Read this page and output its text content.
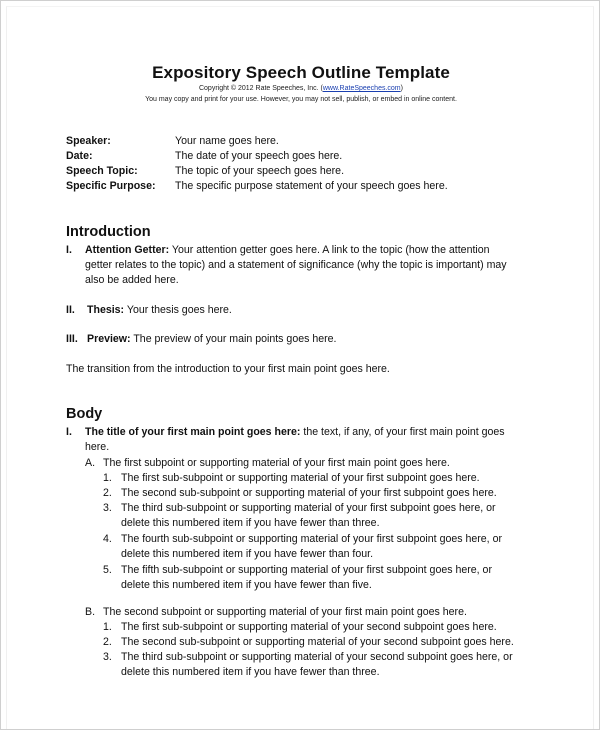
Expository Speech Outline Template
Copyright © 2012 Rate Speeches, Inc. (www.RateSpeeches.com)
You may copy and print for your use. However, you may not sell, publish, or embed in online content.
Speaker:	Your name goes here.
Date:	The date of your speech goes here.
Speech Topic:	The topic of your speech goes here.
Specific Purpose: The specific purpose statement of your speech goes here.
Introduction
I. Attention Getter: Your attention getter goes here. A link to the topic (how the attention
getter relates to the topic) and a statement of significance (why the topic is important) may
also be added here.
II. Thesis: Your thesis goes here.
III. Preview: The preview of your main points goes here.
The transition from the introduction to your first main point goes here.
Body
I. The title of your first main point goes here: the text, if any, of your first main point goes
here.
A. The first subpoint or supporting material of your first main point goes here.
1. The first sub-subpoint or supporting material of your first subpoint goes here.
2. The second sub-subpoint or supporting material of your first subpoint goes here.
3. The third sub-subpoint or supporting material of your first subpoint goes here, or
delete this numbered item if you have fewer than three.
4. The fourth sub-subpoint or supporting material of your first subpoint goes here, or
delete this numbered item if you have fewer than four.
5. The fifth sub-subpoint or supporting material of your first subpoint goes here, or
delete this numbered item if you have fewer than five.
B. The second subpoint or supporting material of your first main point goes here.
1. The first sub-subpoint or supporting material of your second subpoint goes here.
2. The second sub-subpoint or supporting material of your second subpoint goes here.
3. The third sub-subpoint or supporting material of your second subpoint goes here, or
delete this numbered item if you have fewer than three.
